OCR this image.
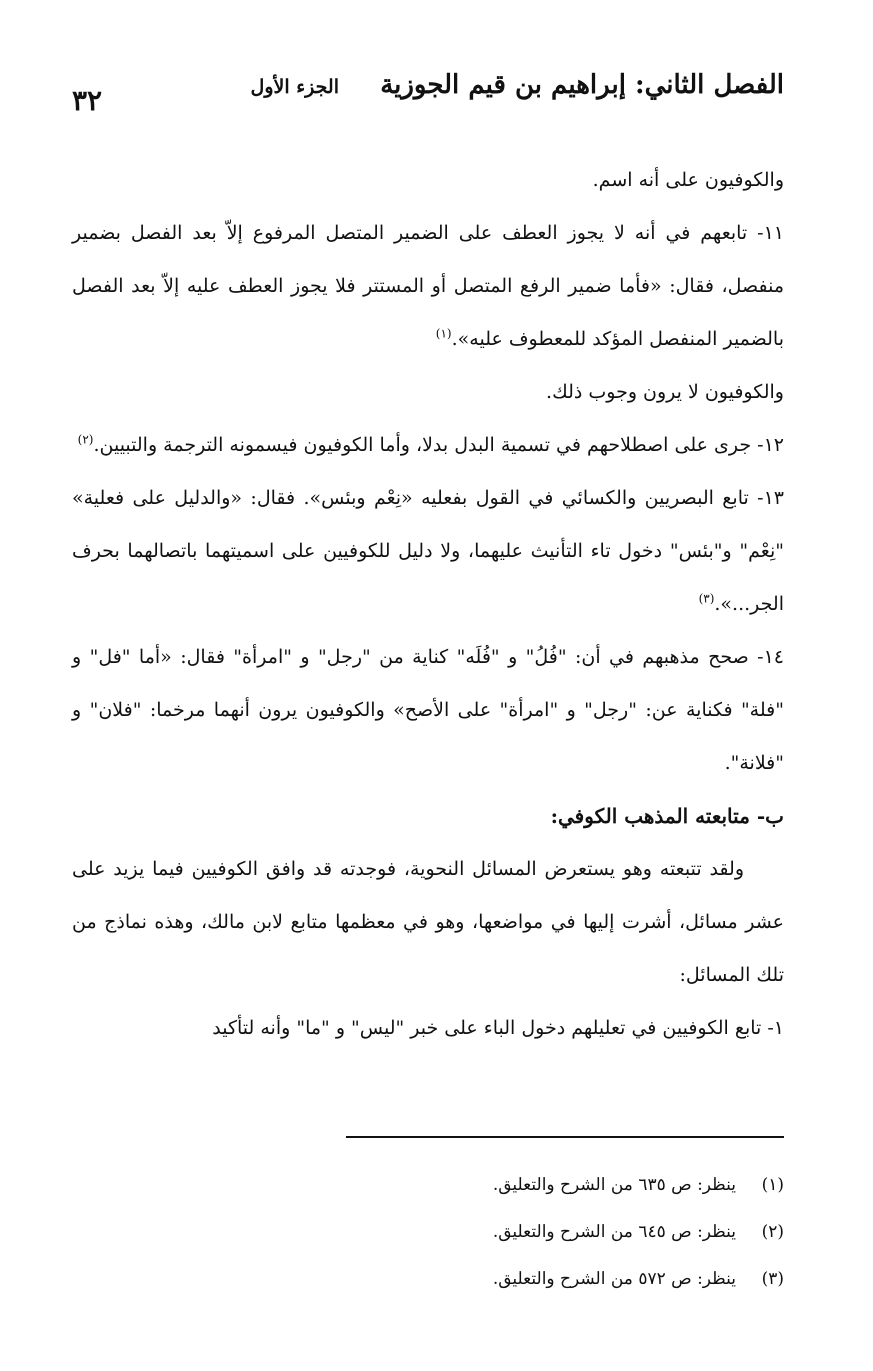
الفصل الثاني: إبراهيم بن قيم الجوزية
الجزء الأول
٣٢

والكوفيون على أنه اسم.

١١- تابعهم في أنه لا يجوز العطف على الضمير المتصل المرفوع إلاّ بعد الفصل بضمير منفصل، فقال: «فأما ضمير الرفع المتصل أو المستتر فلا يجوز العطف عليه إلاّ بعد الفصل بالضمير المنفصل المؤكد للمعطوف عليه».$^{(١)}$

والكوفيون لا يرون وجوب ذلك.

١٢- جرى على اصطلاحهم في تسمية البدل بدلا، وأما الكوفيون فيسمونه الترجمة والتبيين.$^{(٢)}$

١٣- تابع البصريين والكسائي في القول بفعليه «نِعْم وبئس». فقال: «والدليل على فعلية» "نِعْم" و"بئس" دخول تاء التأنيث عليهما، ولا دليل للكوفيين على اسميتهما باتصالهما بحرف الجر...».$^{(٣)}$

١٤- صحح مذهبهم في أن: "فُلُ" و "فُلَه" كناية من "رجل" و "امرأة" فقال: «أما "فل" و "فلة" فكناية عن: "رجل" و "امرأة" على الأصح» والكوفيون يرون أنهما مرخما: "فلان" و "فلانة".

ب- متابعته المذهب الكوفي:

ولقد تتبعته وهو يستعرض المسائل النحوية، فوجدته قد وافق الكوفيين فيما يزيد على عشر مسائل، أشرت إليها في مواضعها، وهو في معظمها متابع لابن مالك، وهذه نماذج من تلك المسائل:

١- تابع الكوفيين في تعليلهم دخول الباء على خبر "ليس" و "ما" وأنه لتأكيد

(١)ينظر: ص ٦٣٥ من الشرح والتعليق.
(٢)ينظر: ص ٦٤٥ من الشرح والتعليق.
(٣)ينظر: ص ٥٧٢ من الشرح والتعليق.
